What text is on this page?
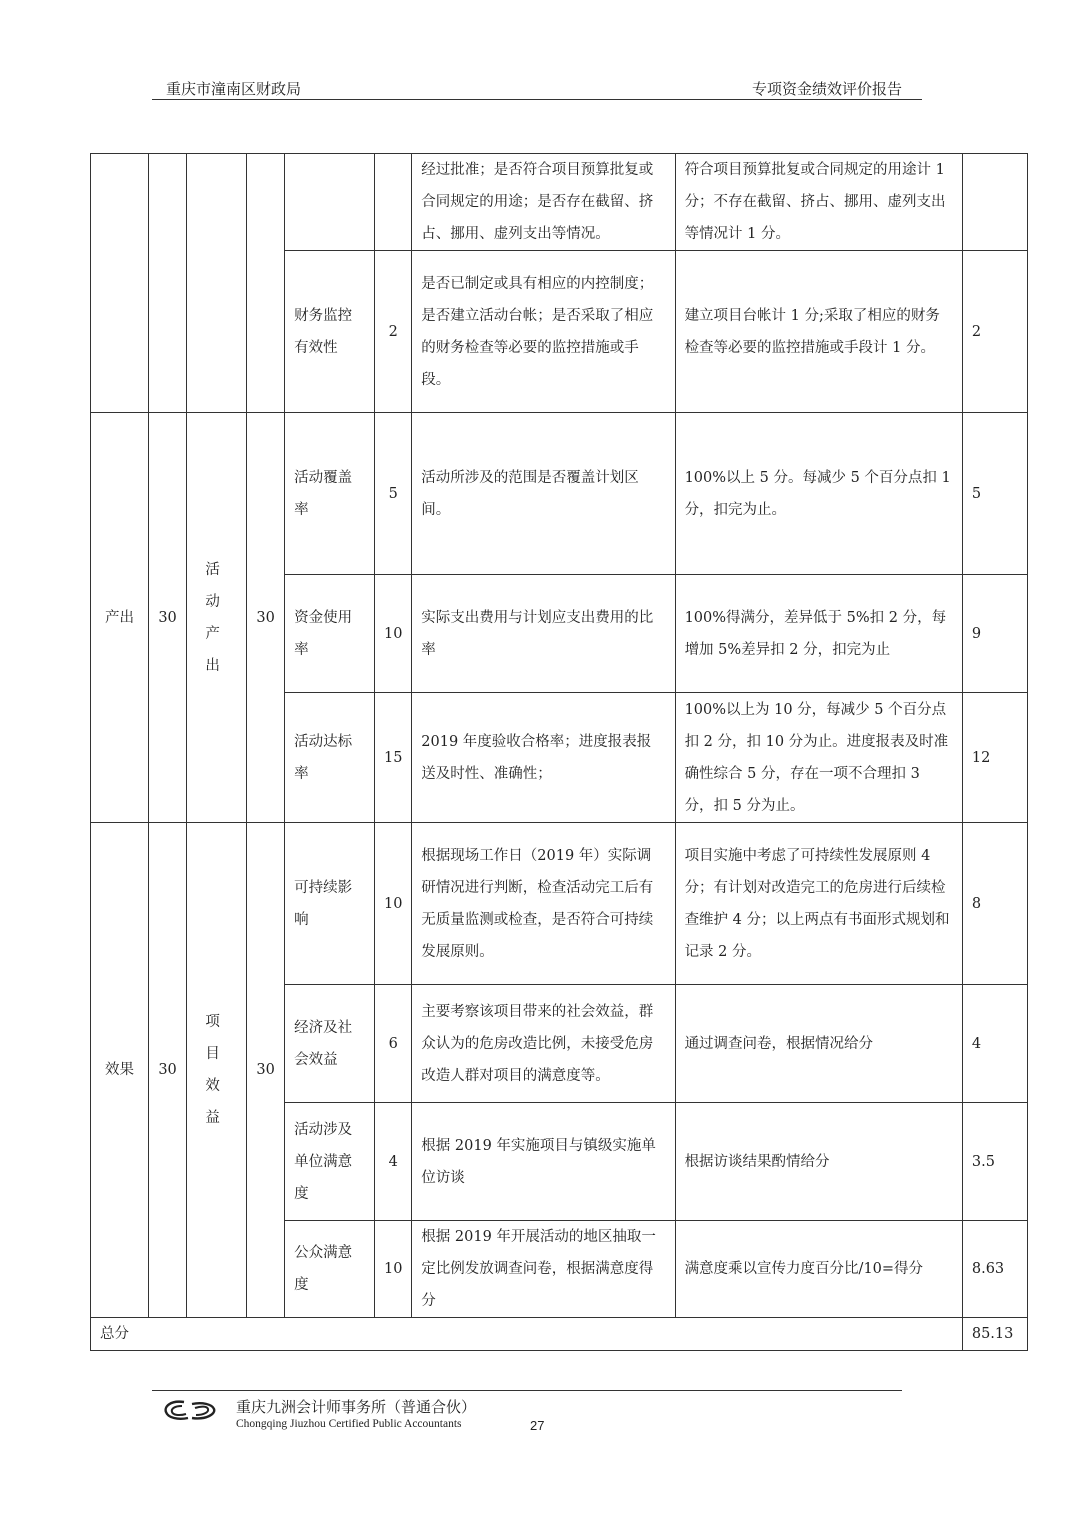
重庆市潼南区财政局	专项资金绩效评价报告
						经过批准；是否符合项目预算批复或合同规定的用途；是否存在截留、挤占、挪用、虚列支出等情况。	符合项目预算批复或合同规定的用途计 1 分；不存在截留、挤占、挪用、虚列支出等情况计 1 分。	
				财务监控有效性	2	是否已制定或具有相应的内控制度；是否建立活动台帐；是否采取了相应的财务检查等必要的监控措施或手段。	建立项目台帐计 1 分;采取了相应的财务检查等必要的监控措施或手段计 1 分。	2
产出	30	活动产出	30	活动覆盖率	5	活动所涉及的范围是否覆盖计划区间。	100%以上 5 分。每减少 5 个百分点扣 1 分，扣完为止。	5
				资金使用率	10	实际支出费用与计划应支出费用的比率	100%得满分，差异低于 5%扣 2 分，每增加 5%差异扣 2 分，扣完为止	9
				活动达标率	15	2019 年度验收合格率；进度报表报送及时性、准确性；	100%以上为 10 分，每减少 5 个百分点扣 2 分，扣 10 分为止。进度报表及时准确性综合 5 分，存在一项不合理扣 3 分，扣 5 分为止。	12
效果	30	项目效益	30	可持续影响	10	根据现场工作日（2019 年）实际调研情况进行判断，检查活动完工后有无质量监测或检查，是否符合可持续发展原则。	项目实施中考虑了可持续性发展原则 4 分；有计划对改造完工的危房进行后续检查维护 4 分；以上两点有书面形式规划和记录 2 分。	8
				经济及社会效益	6	主要考察该项目带来的社会效益，群众认为的危房改造比例，未接受危房改造人群对项目的满意度等。	通过调查问卷，根据情况给分	4
				活动涉及单位满意度	4	根据 2019 年实施项目与镇级实施单位访谈	根据访谈结果酌情给分	3.5
				公众满意度	10	根据 2019 年开展活动的地区抽取一定比例发放调查问卷，根据满意度得分	满意度乘以宣传力度百分比/10=得分	8.63
总分								85.13
重庆九洲会计师事务所（普通合伙）
Chongqing Jiuzhou Certified Public Accountants	27
